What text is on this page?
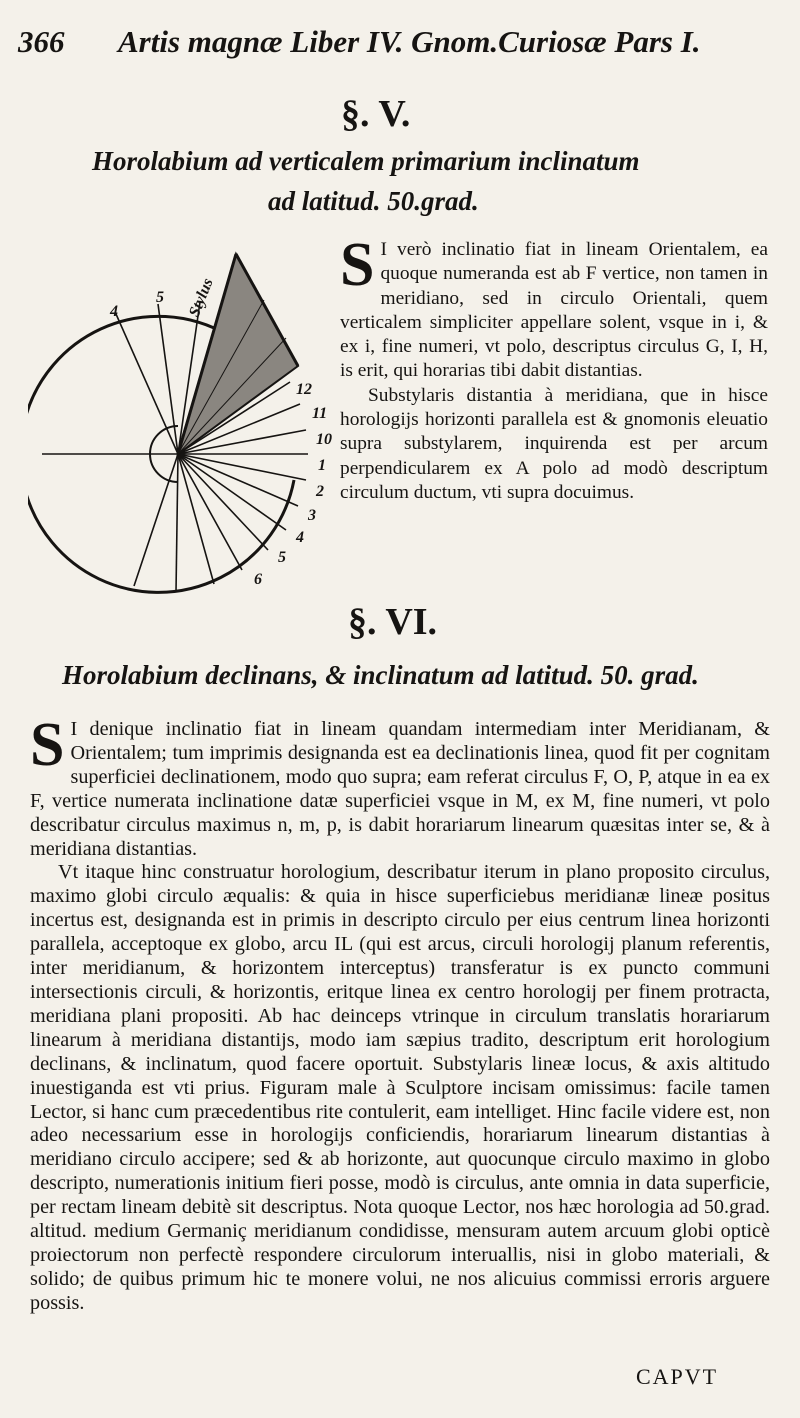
366 Artis magnæ Liber IV. Gnom.Curiosæ Pars I.
§. V.
Horolabium ad verticalem primarium inclinatum
ad latitud. 50.grad.
Stylus
5
4
12
11
10
1
2
3
4
5
6
S I verò inclinatio fiat in lineam Orientalem, ea quoque numeranda est ab F vertice, non tamen in meridiano, sed in circulo Orientali, quem verticalem simpliciter appellare solent, vsque in i, & ex i, fine numeri, vt polo, descriptus circulus G, I, H, is erit, qui horarias tibi dabit distantias.

Substylaris distantia à meridiana, que in hisce horologijs horizonti parallela est & gnomonis eleuatio supra substylarem, inquirenda est per arcum perpendicularem ex A polo ad modò descriptum circulum ductum, vti supra docuimus.

§. VI.
Horolabium declinans, & inclinatum ad latitud. 50. grad.
S I denique inclinatio fiat in lineam quandam intermediam inter Meridianam, & Orientalem; tum imprimis designanda est ea declinationis linea, quod fit per cognitam superficiei declinationem, modo quo supra; eam referat circulus F, O, P, atque in ea ex F, vertice numerata inclinatione datæ superficiei vsque in M, ex M, fine numeri, vt polo describatur circulus maximus n, m, p, is dabit horariarum linearum quæsitas inter se, & à meridiana distantias.

Vt itaque hinc construatur horologium, describatur iterum in plano proposito circulus, maximo globi circulo æqualis: & quia in hisce superficiebus meridianæ lineæ positus incertus est, designanda est in primis in descripto circulo per eius centrum linea horizonti parallela, acceptoque ex globo, arcu IL (qui est arcus, circuli horologij planum referentis, inter meridianum, & horizontem interceptus) transferatur is ex puncto communi intersectionis circuli, & horizontis, eritque linea ex centro horologij per finem protracta, meridiana plani propositi. Ab hac deinceps vtrinque in circulum translatis horariarum linearum à meridiana distantijs, modo iam sæpius tradito, descriptum erit horologium declinans, & inclinatum, quod facere oportuit. Substylaris lineæ locus, & axis altitudo inuestiganda est vti prius. Figuram male à Sculptore incisam omissimus: facile tamen Lector, si hanc cum præcedentibus rite contulerit, eam intelliget. Hinc facile videre est, non adeo necessarium esse in horologijs conficiendis, horariarum linearum distantias à meridiano circulo accipere; sed & ab horizonte, aut quocunque circulo maximo in globo descripto, numerationis initium fieri posse, modò is circulus, ante omnia in data superficie, per rectam lineam debitè sit descriptus. Nota quoque Lector, nos hæc horologia ad 50.grad. altitud. medium Germaniç meridianum condidisse, mensuram autem arcuum globi opticè proiectorum non perfectè responderе circulorum interuallis, nisi in globo materiali, & solido; de quibus primum hic te monere volui, ne nos alicuius commissi erroris arguere possis.

CAPVT
